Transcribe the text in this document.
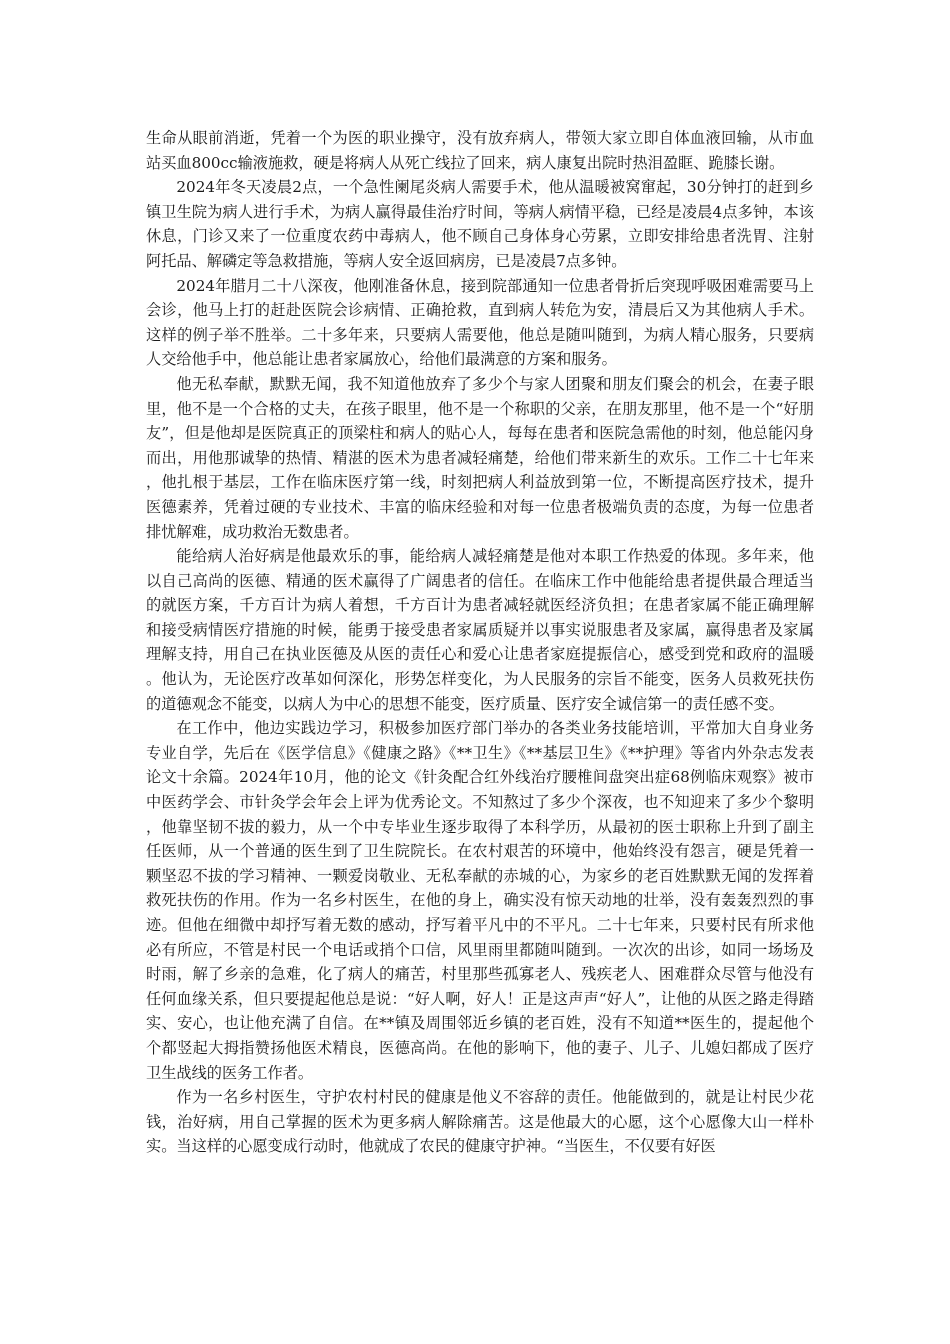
生命从眼前消逝，凭着一个为医的职业操守，没有放弃病人，带领大家立即自体血液回输，从市血站买血800cc输液施救，硬是将病人从死亡线拉了回来，病人康复出院时热泪盈眶、跪膝长谢。

2024年冬天凌晨2点，一个急性阑尾炎病人需要手术，他从温暖被窝窜起，30分钟打的赶到乡镇卫生院为病人进行手术，为病人赢得最佳治疗时间，等病人病情平稳，已经是凌晨4点多钟，本该休息，门诊又来了一位重度农药中毒病人，他不顾自己身体身心劳累，立即安排给患者洗胃、注射阿托品、解磷定等急救措施，等病人安全返回病房，已是凌晨7点多钟。

2024年腊月二十八深夜，他刚准备休息，接到院部通知一位患者骨折后突现呼吸困难需要马上会诊，他马上打的赶赴医院会诊病情、正确抢救，直到病人转危为安，清晨后又为其他病人手术。这样的例子举不胜举。二十多年来，只要病人需要他，他总是随叫随到，为病人精心服务，只要病人交给他手中，他总能让患者家属放心，给他们最满意的方案和服务。

他无私奉献，默默无闻，我不知道他放弃了多少个与家人团聚和朋友们聚会的机会，在妻子眼里，他不是一个合格的丈夫，在孩子眼里，他不是一个称职的父亲，在朋友那里，他不是一个“好朋友”，但是他却是医院真正的顶梁柱和病人的贴心人，每每在患者和医院急需他的时刻，他总能闪身而出，用他那诚挚的热情、精湛的医术为患者减轻痛楚，给他们带来新生的欢乐。工作二十七年来，他扎根于基层，工作在临床医疗第一线，时刻把病人利益放到第一位，不断提高医疗技术，提升医德素养，凭着过硬的专业技术、丰富的临床经验和对每一位患者极端负责的态度，为每一位患者排忧解难，成功救治无数患者。

能给病人治好病是他最欢乐的事，能给病人减轻痛楚是他对本职工作热爱的体现。多年来，他以自己高尚的医德、精通的医术赢得了广阔患者的信任。在临床工作中他能给患者提供最合理适当的就医方案，千方百计为病人着想，千方百计为患者减轻就医经济负担；在患者家属不能正确理解和接受病情医疗措施的时候，能勇于接受患者家属质疑并以事实说服患者及家属，赢得患者及家属理解支持，用自己在执业医德及从医的责任心和爱心让患者家庭提振信心，感受到党和政府的温暖。他认为，无论医疗改革如何深化，形势怎样变化，为人民服务的宗旨不能变，医务人员救死扶伤的道德观念不能变，以病人为中心的思想不能变，医疗质量、医疗安全诚信第一的责任感不变。

在工作中，他边实践边学习，积极参加医疗部门举办的各类业务技能培训，平常加大自身业务专业自学，先后在《医学信息》《健康之路》《**卫生》《**基层卫生》《**护理》等省内外杂志发表论文十余篇。2024年10月，他的论文《针灸配合红外线治疗腰椎间盘突出症68例临床观察》被市中医药学会、市针灸学会年会上评为优秀论文。不知熬过了多少个深夜，也不知迎来了多少个黎明，他靠坚韧不拔的毅力，从一个中专毕业生逐步取得了本科学历，从最初的医士职称上升到了副主任医师，从一个普通的医生到了卫生院院长。在农村艰苦的环境中，他始终没有怨言，硬是凭着一颗坚忍不拔的学习精神、一颗爱岗敬业、无私奉献的赤城的心，为家乡的老百姓默默无闻的发挥着救死扶伤的作用。作为一名乡村医生，在他的身上，确实没有惊天动地的壮举，没有轰轰烈烈的事迹。但他在细微中却抒写着无数的感动，抒写着平凡中的不平凡。二十七年来，只要村民有所求他必有所应，不管是村民一个电话或捎个口信，风里雨里都随叫随到。一次次的出诊，如同一场场及时雨，解了乡亲的急难，化了病人的痛苦，村里那些孤寡老人、残疾老人、困难群众尽管与他没有任何血缘关系，但只要提起他总是说：“好人啊，好人！正是这声声“好人”，让他的从医之路走得踏实、安心，也让他充满了自信。在**镇及周围邻近乡镇的老百姓，没有不知道**医生的，提起他个个都竖起大拇指赞扬他医术精良，医德高尚。在他的影响下，他的妻子、儿子、儿媳妇都成了医疗卫生战线的医务工作者。

作为一名乡村医生，守护农村村民的健康是他义不容辞的责任。他能做到的，就是让村民少花钱，治好病，用自己掌握的医术为更多病人解除痛苦。这是他最大的心愿，这个心愿像大山一样朴实。当这样的心愿变成行动时，他就成了农民的健康守护神。“当医生，不仅要有好医
